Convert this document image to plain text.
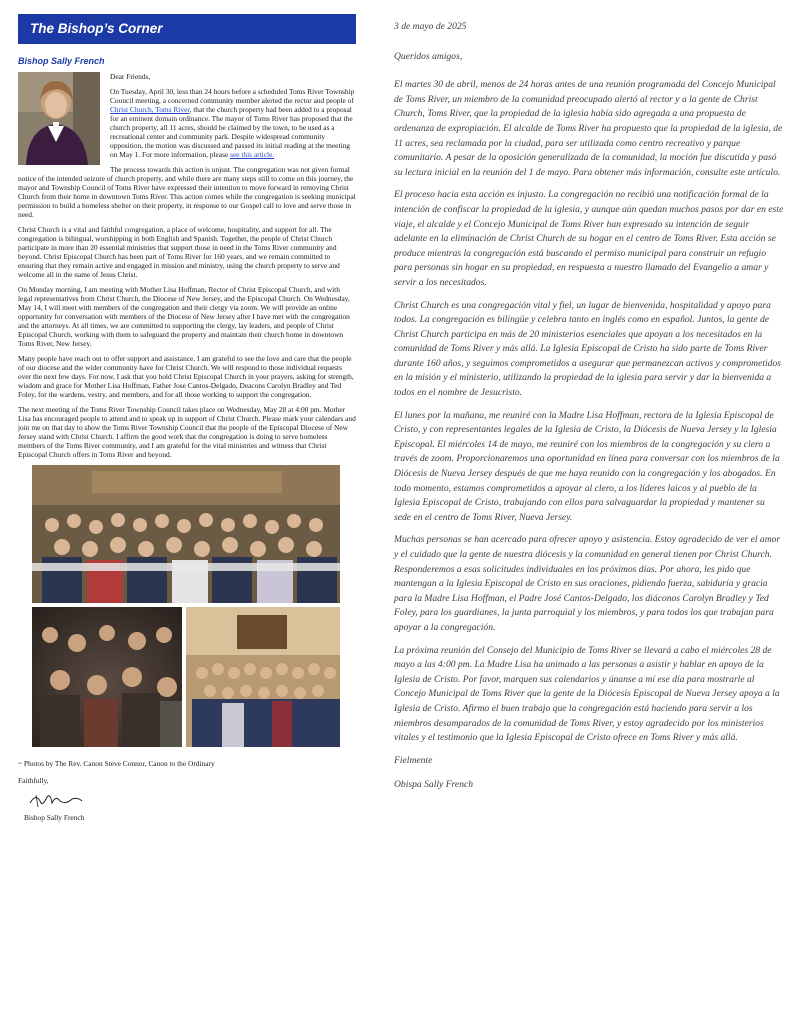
The Bishop’s Corner
Bishop Sally French

Dear Friends,

On Tuesday, April 30, less than 24 hours before a scheduled Toms River Township Council meeting, a concerned community member alerted the rector and people of Christ Church, Toms River, that the church property had been added to a proposal for an eminent domain ordinance. The mayor of Toms River has proposed that the church property, all 11 acres, should be claimed by the town, to be used as a recreational center and community park. Despite widespread community opposition, the motion was discussed and passed its initial reading at the meeting on May 1. For more information, please see this article.

The process towards this action is unjust. The congregation was not given formal notice of the intended seizure of church property, and while there are many steps still to come on this journey, the mayor and Township Council of Toms River have expressed their intention to move forward in removing Christ Church from their home in downtown Toms River. This action comes while the congregation is seeking municipal permission to build a homeless shelter on their property, in response to our Gospel call to love and serve those in need.

Christ Church is a vital and faithful congregation, a place of welcome, hospitality, and support for all. The congregation is bilingual, worshipping in both English and Spanish. Together, the people of Christ Church participate in more than 20 essential ministries that support those in need in the Toms River community and beyond. Christ Episcopal Church has been part of Toms River for 160 years, and we remain committed to ensuring that they remain active and engaged in mission and ministry, using the church property to serve and welcome all in the name of Jesus Christ.

On Monday morning, I am meeting with Mother Lisa Hoffman, Rector of Christ Episcopal Church, and with legal representatives from Christ Church, the Diocese of New Jersey, and the Episcopal Church. On Wednesday, May 14, I will meet with members of the congregation and their clergy via zoom. We will provide an online opportunity for conversation with members of the Diocese of New Jersey after I have met with the congregation and the attorneys. At all times, we are committed to supporting the clergy, lay leaders, and people of Christ Episcopal Church, working with them to safeguard the property and maintain their church home in downtown Toms River, New Jersey.

Many people have reach out to offer support and assistance. I am grateful to see the love and care that the people of our diocese and the wider community have for Christ Church. We will respond to those individual requests over the next few days. For now, I ask that you hold Christ Episcopal Church in your prayers, asking for strength, wisdom and grace for Mother Lisa Hoffman, Father Jose Cantos-Delgado, Deacons Carolyn Bradley and Ted Foley, for the wardens, vestry, and members, and for all those working to support the congregation.

The next meeting of the Toms River Township Council takes place on Wednesday, May 28 at 4:00 pm. Mother Lisa has encouraged people to attend and to speak up in support of Christ Church. Please mark your calendars and join me on that day to show the Toms River Township Council that the people of the Episcopal Diocese of New Jersey stand with Christ Church. I affirm the good work that the congregation is doing to serve homeless members of the Toms River community, and I am grateful for the vital ministries and witness that Christ Episcopal Church offers in Toms River and beyond.

~ Photos by The Rev. Canon Steve Connor, Canon to the Ordinary

Faithfully,
Bishop Sally French

3 de mayo de 2025

Queridos amigos,

El martes 30 de abril, menos de 24 horas antes de una reunión programada del Concejo Municipal de Toms River, un miembro de la comunidad preocupado alertó al rector y a la gente de Christ Church, Toms River, que la propiedad de la iglesia había sido agregada a una propuesta de ordenanza de expropiación. El alcalde de Toms River ha propuesto que la propiedad de la iglesia, de 11 acres, sea reclamada por la ciudad, para ser utilizada como centro recreativo y parque comunitario. A pesar de la oposición generalizada de la comunidad, la moción fue discutida y pasó su lectura inicial en la reunión del 1 de mayo. Para obtener más información, consulte este artículo.

El proceso hacia esta acción es injusto. La congregación no recibió una notificación formal de la intención de confiscar la propiedad de la iglesia, y aunque aún quedan muchos pasos por dar en este viaje, el alcalde y el Concejo Municipal de Toms River han expresado su intención de seguir adelante en la eliminación de Christ Church de su hogar en el centro de Toms River. Esta acción se produce mientras la congregación está buscando el permiso municipal para construir un refugio para personas sin hogar en su propiedad, en respuesta a nuestro llamado del Evangelio a amar y servir a los necesitados.

Christ Church es una congregación vital y fiel, un lugar de bienvenida, hospitalidad y apoyo para todos. La congregación es bilingüe y celebra tanto en inglés como en español. Juntos, la gente de Christ Church participa en más de 20 ministerios esenciales que apoyan a los necesitados en la comunidad de Toms River y más allá. La Iglesia Episcopal de Cristo ha sido parte de Toms River durante 160 años, y seguimos comprometidos a asegurar que permanezcan activos y comprometidos en la misión y el ministerio, utilizando la propiedad de la iglesia para servir y dar la bienvenida a todos en el nombre de Jesucristo.

El lunes por la mañana, me reuniré con la Madre Lisa Hoffman, rectora de la Iglesia Episcopal de Cristo, y con representantes legales de la Iglesia de Cristo, la Diócesis de Nueva Jersey y la Iglesia Episcopal. El miércoles 14 de mayo, me reuniré con los miembros de la congregación y su clero a través de zoom. Proporcionaremos una oportunidad en línea para conversar con los miembros de la Diócesis de Nueva Jersey después de que me haya reunido con la congregación y los abogados. En todo momento, estamos comprometidos a apoyar al clero, a los líderes laicos y al pueblo de la Iglesia Episcopal de Cristo, trabajando con ellos para salvaguardar la propiedad y mantener su sede en el centro de Toms River, Nueva Jersey.

Muchas personas se han acercado para ofrecer apoyo y asistencia. Estoy agradecido de ver el amor y el cuidado que la gente de nuestra diócesis y la comunidad en general tienen por Christ Church. Responderemos a esas solicitudes individuales en los próximos días. Por ahora, les pido que mantengan a la Iglesia Episcopal de Cristo en sus oraciones, pidiendo fuerza, sabiduría y gracia para la Madre Lisa Hoffman, el Padre José Cantos-Delgado, los diáconos Carolyn Bradley y Ted Foley, para los guardianes, la junta parroquial y los miembros, y para todos los que trabajan para apoyar a la congregación.

La próxima reunión del Consejo del Municipio de Toms River se llevará a cabo el miércoles 28 de mayo a las 4:00 pm. La Madre Lisa ha animado a las personas a asistir y hablar en apoyo de la Iglesia de Cristo. Por favor, marquen sus calendarios y únanse a mí ese día para mostrarle al Concejo Municipal de Toms River que la gente de la Diócesis Episcopal de Nueva Jersey apoya a la Iglesia de Cristo. Afirmo el buen trabajo que la congregación está haciendo para servir a los miembros desamparados de la comunidad de Toms River, y estoy agradecido por los ministerios vitales y el testimonio que la Iglesia Episcopal de Cristo ofrece en Toms River y más allá.

Fielmente

Obispa Sally French
